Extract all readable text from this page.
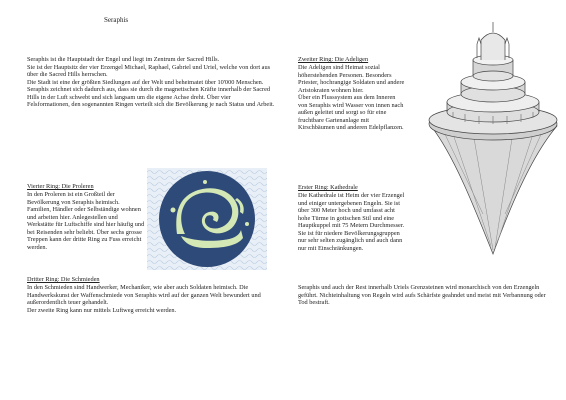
Seraphis
Seraphis ist die Hauptstadt der Engel und liegt im Zentrum der Sacred Hills.
Sie ist der Hauptsitz der vier Erzengel Michael, Raphael, Gabriel und Uriel, welche von dort aus über die Sacred Hills herrschen.
Die Stadt ist eine der größten Siedlungen auf der Welt und beheimatet über 10'000 Menschen.
Seraphis zeichnet sich dadurch aus, dass sie durch die magnetischen Kräfte innerhalb der Sacred Hills in der Luft schwebt und sich langsam um die eigene Achse dreht. Über vier Felsformationen, den sogenannten Ringen verteilt sich die Bevölkerung je nach Status und Arbeit.
Vierter Ring: Die Proleren
In den Proleren ist ein Großteil der Bevölkerung von Seraphis heimisch. Familien, Händler oder Selbständige wohnen und arbeiten hier. Anlegestellen und Werkstätte für Luftschiffe sind hier häufig und bei Reisenden sehr beliebt. Über sechs grosse Treppen kann der dritte Ring zu Fuss erreicht werden.
Dritter Ring: Die Schmieden
In den Schmieden sind Handwerker, Mechaniker, wie aber auch Soldaten heimisch. Die Handwerkskunst der Waffenschmiede von Seraphis wird auf der ganzen Welt bewundert und außerordentlich teuer gehandelt.
Der zweite Ring kann nur mittels Luftweg erreicht werden.
Zweiter Ring: Die Adeligen
Die Adeligen sind Heimat sozial höherstehenden Personen. Besonders Priester, hochrangige Soldaten und andere Aristokraten wohnen hier.
Über ein Flusssystem aus dem Inneren von Seraphis wird Wasser von innen nach außen geleitet und sorgt so für eine fruchtbare Gartenanlage mit Kirschbäumen und anderen Edelpflanzen.
Erster Ring: Kathedrale
Die Kathedrale ist Heim der vier Erzengel und einiger untergebenen Engeln. Sie ist über 300 Meter hoch und umfasst acht hohe Türme in gotischen Stil und eine Hauptkuppel mit 75 Metern Durchmesser. Sie ist für niedere Bevölkerungsgruppen nur sehr selten zugänglich und auch dann nur mit Einschränkungen.
Seraphis und auch der Rest innerhalb Uriels Grenzsteinen wird monarchisch von den Erzengeln geführt. Nichteinhaltung von Regeln wird aufs Schärfste geahndet und meist mit Verbannung oder Tod bestraft.
